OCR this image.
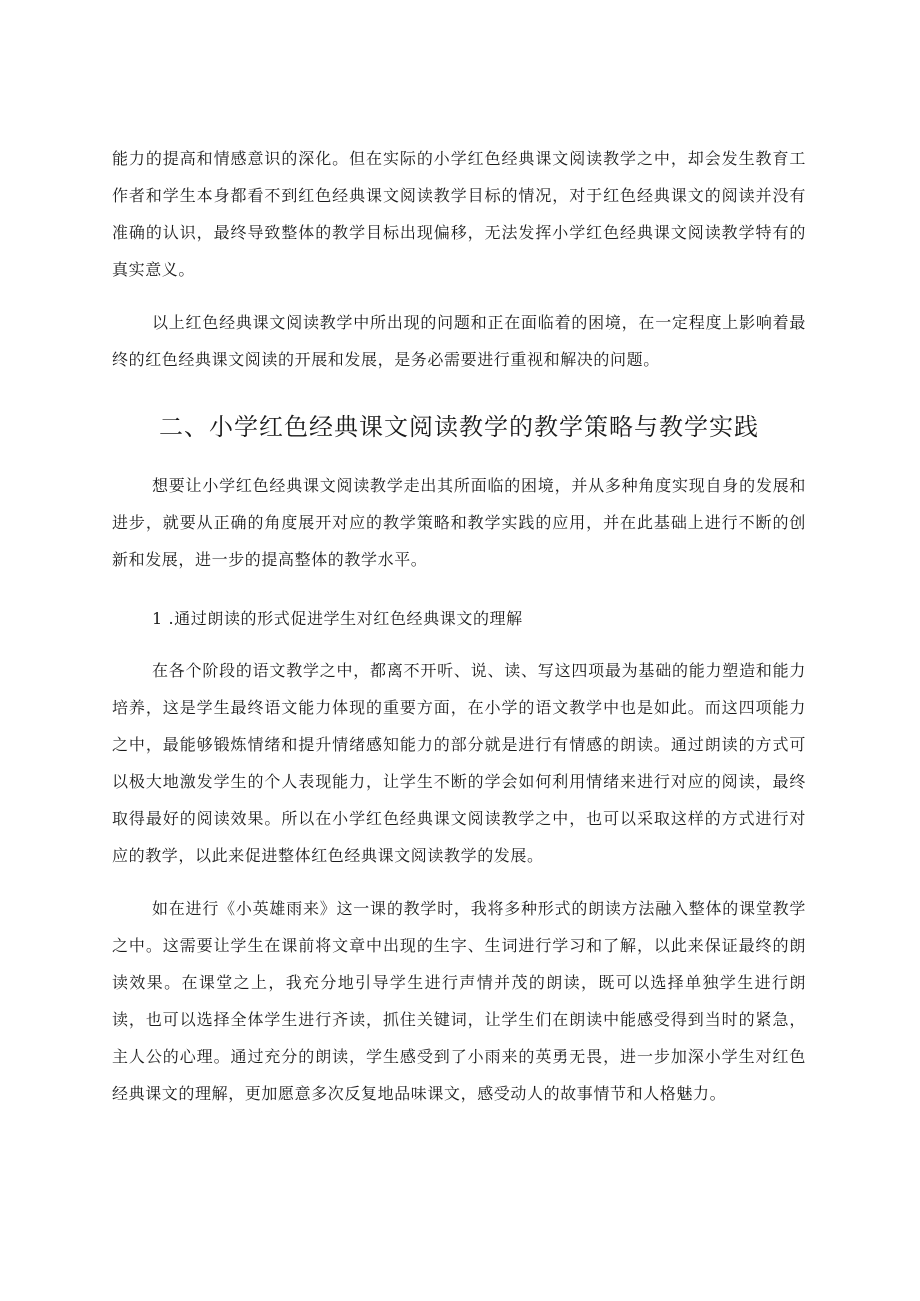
能力的提高和情感意识的深化。但在实际的小学红色经典课文阅读教学之中，却会发生教育工作者和学生本身都看不到红色经典课文阅读教学目标的情况，对于红色经典课文的阅读并没有准确的认识，最终导致整体的教学目标出现偏移，无法发挥小学红色经典课文阅读教学特有的真实意义。

以上红色经典课文阅读教学中所出现的问题和正在面临着的困境，在一定程度上影响着最终的红色经典课文阅读的开展和发展，是务必需要进行重视和解决的问题。

二、小学红色经典课文阅读教学的教学策略与教学实践

想要让小学红色经典课文阅读教学走出其所面临的困境，并从多种角度实现自身的发展和进步，就要从正确的角度展开对应的教学策略和教学实践的应用，并在此基础上进行不断的创新和发展，进一步的提高整体的教学水平。

1 .通过朗读的形式促进学生对红色经典课文的理解

在各个阶段的语文教学之中，都离不开听、说、读、写这四项最为基础的能力塑造和能力培养，这是学生最终语文能力体现的重要方面，在小学的语文教学中也是如此。而这四项能力之中，最能够锻炼情绪和提升情绪感知能力的部分就是进行有情感的朗读。通过朗读的方式可以极大地激发学生的个人表现能力，让学生不断的学会如何利用情绪来进行对应的阅读，最终取得最好的阅读效果。所以在小学红色经典课文阅读教学之中，也可以采取这样的方式进行对应的教学，以此来促进整体红色经典课文阅读教学的发展。

如在进行《小英雄雨来》这一课的教学时，我将多种形式的朗读方法融入整体的课堂教学之中。这需要让学生在课前将文章中出现的生字、生词进行学习和了解，以此来保证最终的朗读效果。在课堂之上，我充分地引导学生进行声情并茂的朗读，既可以选择单独学生进行朗读，也可以选择全体学生进行齐读，抓住关键词，让学生们在朗读中能感受得到当时的紧急，主人公的心理。通过充分的朗读，学生感受到了小雨来的英勇无畏，进一步加深小学生对红色经典课文的理解，更加愿意多次反复地品味课文，感受动人的故事情节和人格魅力。
